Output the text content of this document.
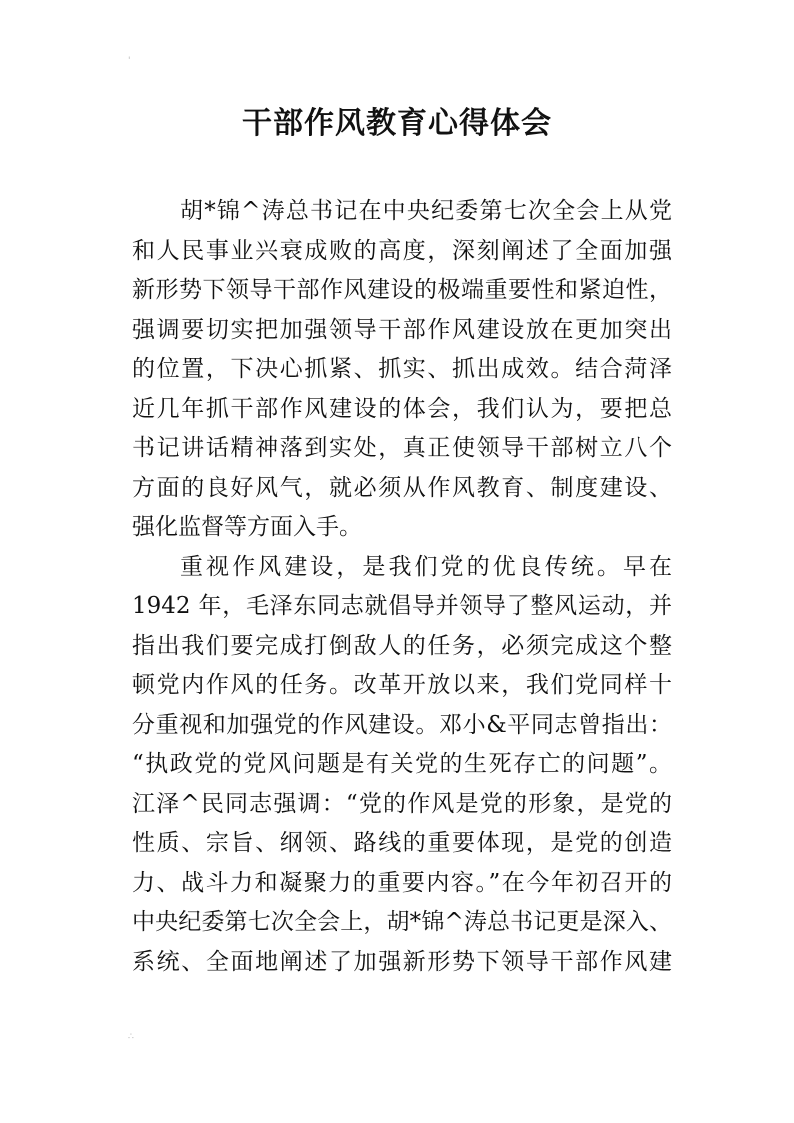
'
干部作风教育心得体会
胡*锦^涛总书记在中央纪委第七次全会上从党
和人民事业兴衰成败的高度，深刻阐述了全面加强
新形势下领导干部作风建设的极端重要性和紧迫性，
强调要切实把加强领导干部作风建设放在更加突出
的位置，下决心抓紧、抓实、抓出成效。结合菏泽
近几年抓干部作风建设的体会，我们认为，要把总
书记讲话精神落到实处，真正使领导干部树立八个
方面的良好风气，就必须从作风教育、制度建设、
强化监督等方面入手。
重视作风建设，是我们党的优良传统。早在
1942 年，毛泽东同志就倡导并领导了整风运动，并
指出我们要完成打倒敌人的任务，必须完成这个整
顿党内作风的任务。改革开放以来，我们党同样十
分重视和加强党的作风建设。邓小&平同志曾指出：
“执政党的党风问题是有关党的生死存亡的问题”。
江泽^民同志强调：“党的作风是党的形象，是党的
性质、宗旨、纲领、路线的重要体现，是党的创造
力、战斗力和凝聚力的重要内容。”在今年初召开的
中央纪委第七次全会上，胡*锦^涛总书记更是深入、
系统、全面地阐述了加强新形势下领导干部作风建
∴
